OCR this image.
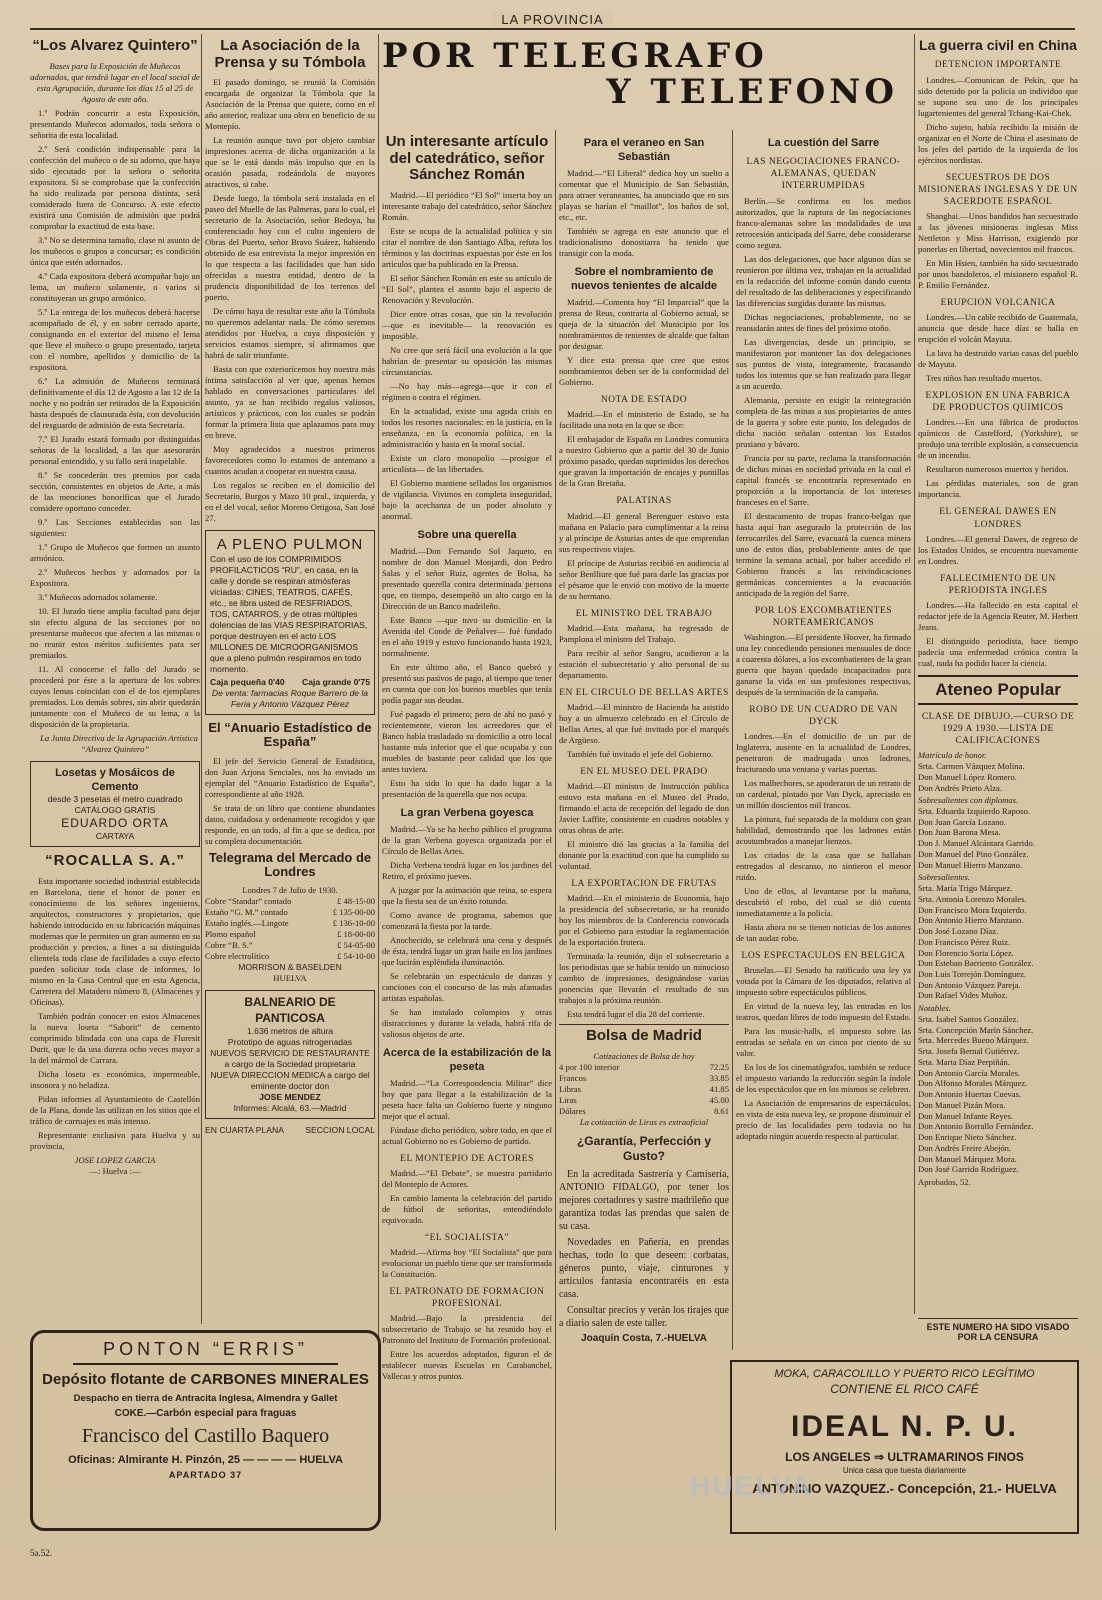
LA PROVINCIA
“Los Alvarez Quintero”

Bases para la Exposición de Muñecos adornados, que tendrá lugar en el local social de esta Agrupación, durante los días 15 al 25 de Agosto de este año.

1.º Podrán concurrir a esta Exposición, presentando Muñecos adornados, toda señora o señorita de esta localidad.

2.º Será condición indispensable para la confección del muñeco o de su adorno, que haya sido ejecutado por la señora o señorita expositora. Si se comprobase que la confección ha sido realizada por persona distinta, será considerado fuera de Concurso. A este efecto existirá una Comisión de admisión que podrá comprobar la exactitud de esta base.

3.º No se determina tamaño, clase ni asunto de los muñecos o grupos a concursar; es condición única que estén adornados.

4.º Cada expositora deberá acompañar bajo un lema, un muñeco solamente, o varios si constituyeran un grupo armónico.

5.º La entrega de los muñecos deberá hacerse acompañado de él, y en sobre cerrado aparte, consignando en el exterior del mismo el lema que lleve el muñeco o grupo presentado, tarjeta con el nombre, apellidos y domicilio de la expositora.

6.º La admisión de Muñecos terminará definitivamente el día 12 de Agosto a las 12 de la noche y no podrán ser retirados de la Exposición hasta después de clausurada ésta, con devolución del resguardo de admisión de esta Secretaría.

7.º El Jurado estará formado por distinguidas señoras de la localidad, a las que asesorarán personal entendido, y su fallo será inapelable.

8.º Se concederán tres premios por cada sección, consistentes en objetos de Arte, a más de las menciones honoríficas que el Jurado considere oportuno conceder.

9.º Las Secciones establecidas son las siguientes:

1.º Grupo de Muñecos que formen un asunto armónico.

2.º Muñecos hechos y adornados por la Expositora.

3.º Muñecos adornados solamente.

10. El Jurado tiene amplia facultad para dejar sin efecto alguna de las secciones por no presentarse muñecos que afecten a las mismas o no reunir estos méritos suficientes para ser premiados.

11. Al conocerse el fallo del Jurado se procederá por éste a la apertura de los sobres cuyos lemas coincidan con el de los ejemplares premiados. Los demás sobres, sin abrir quedarán juntamente con el Muñeco de su lema, a la disposición de la propietaria.

La Junta Directiva de la Agrupación Artística “Alvarez Quintero”

Losetas y Mosáicos de Cemento
desde 3 pesetas el metro cuadrado
CATÁLOGO GRATIS
EDUARDO ORTA
CARTAYA
“ROCALLA S. A.”

Esta importante sociedad industrial establecida en Barcelona, tiene el honor de poner en conocimiento de los señores ingenieros, arquitectos, constructores y propietarios, que habiendo introducido en su fabricación máquinas modernas que le permiten un gran aumento en su producción y precios, a fines a su distinguida clientela toda clase de facilidades a cuyo efecto pueden solicitar toda clase de informes, lo mismo en la Casa Central que en esta Agencia, Carretera del Matadero número 8, (Almacenes y Oficinas).

También podrán conocer en estos Almacenes la nueva loseta “Saborit” de cemento comprimido blindada con una capa de Fluresit Durit, que le da una dureza ocho veces mayor a la del mármol de Carrara.

Dicha loseta es económica, impermeable, insonora y no heladiza.

Pidan informes al Ayuntamiento de Castellón de la Plana, donde las utilizan en los sitios que el tráfico de carruajes es más intenso.

Representante exclusivo para Huelva y su provincia,

JOSE LOPEZ GARCIA
—: Huelva :—
La Asociación de la Prensa y su Tómbola

El pasado domingo, se reunió la Comisión encargada de organizar la Tómbola que la Asociación de la Prensa que quiere, como en el año anterior, realizar una obra en beneficio de su Montepío.

La reunión aunque tuvo por objeto cambiar impresiones acerca de dicha organización a la que se le está dando más impulso que en la ocasión pasada, rodeándola de mayores atractivos, si cabe.

Desde luego, la tómbola será instalada en el paseo del Muelle de las Palmeras, para lo cual, el secretario de la Asociación, señor Bedoya, ha conferenciado hoy con el culto ingeniero de Obras del Puerto, señor Bravo Suárez, habiendo obtenido de esa entrevista la mejor impresión en lo que respecta a las facilidades que han sido ofrecidas a nuestra entidad, dentro de la prudencia disponibilidad de los terrenos del puerto.

De cómo haya de resultar este año la Tómbola no queremos adelantar nada. De cómo seremos atendidos por Huelva, a cuya disposición y servicios estamos siempre, sí afirmamos que habrá de salir triunfante.

Basta con que exteriorícemos hoy nuestra más íntima satisfacción al ver que, apenas hemos hablado en conversaciones particulares del asunto, ya se han recibido regalos valiosos, artísticos y prácticos, con los cuales se podrán formar la primera lista que aplazamos para muy en breve.

Muy agradecidos a nuestros primeros favorecedores como lo estamos de antemano a cuantos acudan a cooperar en nuestra causa.

Los regalos se reciben en el domicilio del Secretario, Burgos y Mazo 10 pral., izquierda, y en el del vocal, señor Moreno Ortigosa, San José 27.

A PLENO PULMON
Con el uso de los COMPRIMIDOS PROFILACTICOS “RU”, en casa, en la calle y donde se respiran atmósferas viciadas: CINES, TEATROS, CAFÉS, etc., se libra usted de RESFRIADOS, TOS, CATARROS, y de otras múltiples dolencias de las VIAS RESPIRATORIAS, porque destruyen en el acto LOS MILLONES DE MICROORGANISMOS que a pleno pulmón respiramos en todo momento.
Caja pequeña 0'40 Caja grande 0'75
De venta: farmacias Roque Barrero de la Feria y Antonio Vázquez Pérez
El “Anuario Estadístico de España”

El jefe del Servicio General de Estadística, don Juan Arjona Senciales, nos ha enviado un ejemplar del “Anuario Estadístico de España”, correspondiente al año 1928.

Se trata de un libro que contiene abundantes datos, cuidadosa y ordenamente recogidos y que responde, en un todo, al fin a que se dedica, por su completa documentación.

Telegrama del Mercado de Londres
Londres 7 de Julio de 1930.
Cobre “Standar” contado	£ 48-15-00
Estaño “G. M.” contado	£ 135-00-00
Estaño inglés.—Lingote	£ 136-10-00
Plomo español	£ 18-00-00
Cobre “B. S.”	£ 54-05-00
Cobre electrolítico	£ 54-10-00
MORRISON & BASELDEN
HUELVA
BALNEARIO DE PANTICOSA
1.636 metros de altura
Prototipo de aguas nitrogenadas
NUEVOS SERVICIO DE RESTAURANTE a cargo de la Sociedad propietaria
NUEVA DIRECCION MEDICA a cargo del eminente doctor don
JOSE MENDEZ
Informes: Alcalá, 63.—Madrid
EN CUARTA PLANA SECCION LOCAL
POR TELEGRAFO
Y TELEFONO
Un interesante artículo del catedrático, señor Sánchez Román

Madrid.—El periódico “El Sol” inserta hoy un interesante trabajo del catedrático, señor Sánchez Román.

Este se ocupa de la actualidad política y sin citar el nombre de don Santiago Alba, refuta los términos y las doctrinas expuestas por éste en los artículos que ha publicado en la Prensa.

El señor Sánchez Román en este su artículo de “El Sol”, plantea el asunto bajo el aspecto de Renovación y Revolución.

Dice entre otras cosas, que sin la revolución —que es inevitable— la renovación es imposible.

No cree que será fácil una evolución a la que habrían de presentar su oposición las mismas circunstancias.

—No hay más—agrega—que ir con el régimen o contra el régimen.

En la actualidad, existe una aguda crisis en todos los resortes nacionales: en la justicia, en la enseñanza, en la economía política, en la administración y hasta en la moral social.

Existe un claro monopolio —prosigue el articulista— de las libertades.

El Gobierno mantiene sellados los organismos de vigilancia. Vivimos en completa inseguridad, bajo la acechanza de un poder absoluto y anormal.

Sobre una querella

Madrid.—Don Fernando Sol Jaqueto, en nombre de don Manuel Monjardi, don Pedro Salas y el señor Ruiz, agentes de Bolsa, ha presentado querella contra determinada persona que, en tiempo, desempeñó un alto cargo en la Dirección de un Banco madrileño.

Este Banco —que tuvo su domicilio en la Avenida del Conde de Peñalver— fué fundado en el año 1919 y estuvo funcionando hasta 1923, normalmente.

En este último año, el Banco quebró y presentó sus pasivos de pago, al tiempo que tener en cuenta que con los buenos muebles que tenía podía pagar sus deudas.

Fué pagado el primero; pero de ahí no pasó y recientemente, vieron los acreedores que el Banco había trasladado su domicilio a otro local bastante más inferior que el que ocupaba y con muebles de bastante peor calidad que los que antes tuviera.

Esto ha sido lo que ha dado lugar a la presentación de la querella que nos ocupa.

La gran Verbena goyesca

Madrid.—Ya se ha hecho público el programa de la gran Verbena goyesca organizada por el Círculo de Bellas Artes.

Dicha Verbena tendrá lugar en los jardines del Retiro, el próximo jueves.

A juzgar por la animación que reina, se espera que la fiesta sea de un éxito rotundo.

Como avance de programa, sabemos que comenzará la fiesta por la tarde.

Anochecido, se celebrará una cena y después de ésta, tendrá lugar un gran baile en los jardines que lucirán espléndida iluminación.

Se celebrarán un espectáculo de danzas y canciones con el concurso de las más afamadas artistas españolas.

Se han instalado columpios y otras distracciones y durante la velada, habrá rifa de valiosos objetos de arte.

Acerca de la estabilización de la peseta

Madrid.—“La Correspondencia Militar” dice hoy que para llegar a la estabilización de la peseta hace falta un Gobierno fuerte y ninguno mejor que el actual.

Fúndase dicho periódico, sobre todo, en que el actual Gobierno no es Gobierno de partido.

EL MONTEPIO DE ACTORES

Madrid.—“El Debate”, se muestra partidario del Montepío de Actores.

En cambio lamenta la celebración del partido de fútbol de señoritas, entendiéndolo equivocado.

“EL SOCIALISTA”

Madrid.—Afirma hoy “El Socialista” que para evolucionar un pueblo tiene que ser transformada la Constitución.

EL PATRONATO DE FORMACION PROFESIONAL

Madrid.—Bajo la presidencia del subsecretario de Trabajo se ha reunido hoy el Patronato del Instituto de Formación profesional.

Entre los acuerdos adoptados, figuran el de establecer nuevas Escuelas en Carabanchel, Vallecas y otros puntos.

Para el veraneo en San Sebastián

Madrid.—“El Liberal” dedica hoy un suelto a comentar que el Municipio de San Sebastián, para atraer veraneantes, ha anunciado que en sus playas se harían el “maillot”, los baños de sol, etc., etc.

También se agrega en este anuncio que el tradicionalismo donostiarra ha tenido que transigir con la moda.

Sobre el nombramiento de nuevos tenientes de alcalde

Madrid.—Comenta hoy “El Imparcial” que la prensa de Reus, contraria al Gobierno actual, se queja de la situación del Municipio por los nombramientos de tenientes de alcalde que faltan por designar.

Y dice esta prensa que cree que estos nombramientos deben ser de la conformidad del Gobierno.

NOTA DE ESTADO

Madrid.—En el ministerio de Estado, se ha facilitado una nota en la que se dice:

El embajador de España en Londres comunica a nuestro Gobierno que a partir del 30 de Junio próximo pasado, quedan suprimidos los derechos que gravan la importación de encajes y puntillas de la Gran Bretaña.

PALATINAS

Madrid.—El general Berenguer estuvo esta mañana en Palacio para cumplimentar a la reina y al príncipe de Asturias antes de que emprendan sus respectivos viajes.

El príncipe de Asturias recibió en audiencia al señor Benlliure que fué para darle las gracias por el pésame que le envió con motivo de la muerte de su hermano.

EL MINISTRO DEL TRABAJO

Madrid.—Esta mañana, ha regresado de Pamplona el ministro del Trabajo.

Para recibir al señor Sangro, acudieron a la estación el subsecretario y alto personal de su departamento.

EN EL CIRCULO DE BELLAS ARTES

Madrid.—El ministro de Hacienda ha asistido hoy a un almuerzo celebrado en el Círculo de Bellas Artes, al que fué invitado por el marqués de Argüeso.

También fué invitado el jefe del Gobierno.

EN EL MUSEO DEL PRADO

Madrid.—El ministro de Instrucción pública estuvo esta mañana en el Museo del Prado, firmando el acta de recepción del legado de don Javier Laffite, consistente en cuadros notables y otras obras de arte.

El ministro dió las gracias a la familia del donante por la exactitud con que ha cumplido su voluntad.

LA EXPORTACION DE FRUTAS

Madrid.—En el ministerio de Economía, bajo la presidencia del subsecretario, se ha reunido hoy los miembros de la Conferencia convocada por el Gobierno para estudiar la reglamentación de la exportación frutera.

Terminada la reunión, dijo el subsecretario a los periodistas que se había tenido un minucioso cambio de impresiones, designándose varias ponencias que llevarán el resultado de sus trabajos a la próxima reunión.

Esta tendrá lugar el día 28 del corriente.

Bolsa de Madrid
Cotizaciones de Bolsa de hoy
4 por 100 interior	72.25
Francos	33.85
Libras	41.85
Liras	45.00
Dólares	8.61
La cotización de Liras es extraoficial
¿Garantía, Perfección y Gusto?

En la acreditada Sastrería y Camisería, ANTONIO FIDALGO, por tener los mejores cortadores y sastre madrileño que garantiza todas las prendas que salen de su casa.

Novedades en Pañería, en prendas hechas, todo lo que deseen: corbatas, géneros punto, viaje, cinturones y artículos fantasía encontraréis en esta casa.

Consultar precios y verán los tirajes que a diario salen de este taller.

Joaquín Costa, 7.-HUELVA
La cuestión del Sarre
LAS NEGOCIACIONES FRANCO-ALEMANAS, QUEDAN INTERRUMPIDAS

Berlín.—Se confirma en los medios autorizados, que la ruptura de las negociaciones franco-alemanas sobre las modalidades de una retrocesión anticipada del Sarre, debe considerarse como segura.

Las dos delegaciones, que hace algunos días se reunieron por última vez, trabajan en la actualidad en la redacción del informe común dando cuenta del resultado de las deliberaciones y especificando las diferencias surgidas durante las mismas.

Dichas negociaciones, probablemente, no se reanudarán antes de fines del próximo otoño.

Las divergencias, desde un principio, se manifestaron por mantener las dos delegaciones sus puntos de vista, íntegramente, fracasando todos los intentos que se han realizado para llegar a un acuerdo.

Alemania, persiste en exigir la reintegración completa de las minas a sus propietarios de antes de la guerra y sobre este punto, los delegados de dicha nación señalan ostentan los Estados prusiano y bávaro.

Francia por su parte, reclama la transformación de dichas minas en sociedad privada en la cual el capital francés se encontraría representado en proporción a la importancia de los intereses franceses en el Sarre.

El destacamento de tropas franco-belgas que hasta aquí han asegurado la protección de los ferrocarriles del Sarre, evacuará la cuenca minera uno de estos días, probablemente antes de que termine la semana actual, por haber accedido el Gobierno francés a las reivindicaciones germánicas concernientes a la evacuación anticipada de la región del Sarre.

POR LOS EXCOMBATIENTES NORTEAMERICANOS

Washington.—El presidente Hoover, ha firmado una ley concediendo pensiones mensuales de doce a cuarenta dólares, a los excombatientes de la gran guerra que hayan quedado incapacitados para ganarse la vida en sus profesiones respectivas, después de la terminación de la campaña.

ROBO DE UN CUADRO DE VAN DYCK

Londres.—En el domicilio de un par de Inglaterra, ausente en la actualidad de Londres, penetraron de madrugada unos ladrones, fracturando una ventana y varias puertas.

Los malhechores, se apoderaron de un retrato de un cardenal, pintado por Van Dyck, apreciado en un millón doscientos mil francos.

La pintura, fué separada de la moldura con gran habilidad, demostrando que los ladrones están acostumbrados a manejar lienzos.

Los criados de la casa que se hallaban entregados al descanso, no sintieron el menor ruido.

Uno de ellos, al levantarse por la mañana, descubrió el robo, del cual se dió cuenta inmediatamente a la policía.

Hasta ahora no se tienen noticias de los autores de tan audaz robo.

LOS ESPECTACULOS EN BELGICA

Bruselas.—El Senado ha ratificado una ley ya votada por la Cámara de los diputados, relativa al impuesto sobre espectáculos públicos.

En virtud de la nueva ley, las entradas en los teatros, quedan libres de todo impuesto del Estado.

Para los music-halls, el impuesto sobre las entradas se señala en un cinco por ciento de su valor.

En los de los cinematógrafos, también se reduce el impuesto variando la reducción según la índole de los espectáculos que en los mismos se celebren.

La Asociación de empresarios de espectáculos, en vista de esta nueva ley, se propone disminuir el precio de las localidades pero todavía no ha adoptado ningún acuerdo respecto al particular.

La guerra civil en China
DETENCION IMPORTANTE

Londres.—Comunican de Pekín, que ha sido detenido por la policía un individuo que se supone sea uno de los principales lugartenientes del general Tchang-Kai-Chek.

Dicho sujeto, había recibido la misión de organizar en el Norte de China el asesinato de los jefes del partido de la izquierda de los ejércitos nordistas.

SECUESTROS DE DOS MISIONERAS INGLESAS Y DE UN SACERDOTE ESPAÑOL

Shanghai.—Unos bandidos han secuestrado a las jóvenes misioneras inglesas Miss Nettleton y Miss Harrison, exigiendo por ponerlas en libertad, novecientos mil francos.

En Min Hsien, también ha sido secuestrado por unos bandoleros, el misionero español R. P. Emilio Fernández.

ERUPCION VOLCANICA

Londres.—Un cable recibido de Guatemala, anuncia que desde hace días se halla en erupción el volcán Mayuta.

La lava ha destruido varias casas del pueblo de Mayuta.

Tres niños han resultado muertos.

EXPLOSION EN UNA FABRICA DE PRODUCTOS QUIMICOS

Londres.—En una fábrica de productos químicos de Castelford, (Yorkshire), se produjo una terrible explosión, a consecuencia de un incendio.

Resultaron numerosos muertos y heridos.

Las pérdidas materiales, son de gran importancia.

EL GENERAL DAWES EN LONDRES

Londres.—El general Dawes, de regreso de los Estados Unidos, se encuentra nuevamente en Londres.

FALLECIMIENTO DE UN PERIODISTA INGLES

Londres.—Ha fallecido en esta capital el redactor jefe de la Agencia Reuter, M. Herbert Jeans.

El distinguido periodista, hace tiempo padecía una enfermedad crónica contra la cual, nada ha podido hacer la ciencia.

Ateneo Popular
CLASE DE DIBUJO.—CURSO DE 1929 A 1930.—LISTA DE CALIFICACIONES
Matrícula de honor.
Srta. Carmen Vázquez Molina.
Don Manuel López Romero.
Don Andrés Prieto Alza.
Sobresalientes con diplomas.
Srta. Eduarda Izquierdo Raposo.
Don Juan García Lozano.
Don Juan Barona Mesa.
Don J. Manuel Alcántara Garrido.
Don Manuel del Pino González.
Don Manuel Hierro Manzano.
Sobresalientes.
Srta. María Trigo Márquez.
Srta. Antonia Lorenzo Morales.
Don Francisco Mora Izquierdo.
Don Antonio Hierro Manzano.
Don José Lozano Díaz.
Don Francisco Pérez Ruiz.
Don Florencio Soria López.
Don Esteban Barriento González.
Don Luis Torrejón Domínguez.
Don Antonio Vázquez Pareja.
Don Rafael Vides Muñoz.
Notables.
Srta. Isabel Santos González.
Srta. Concepción Marín Sánchez.
Srta. Mercedes Bueno Márquez.
Srta. Josefa Bernal Gutiérrez.
Srta. Marta Díaz Perpiñán.
Don Antonio García Morales.
Don Alfonso Morales Márquez.
Don Antonio Huertas Cuevas.
Don Manuel Pizán Mora.
Don Manuel Infante Reyes.
Don Antonio Borrallo Fernández.
Don Enrique Nieto Sánchez.
Don Andrés Freire Abejón.
Don Manuel Márquez Mora.
Don José Garrido Rodríguez.
Aprobados, 52.
ESTE NUMERO HA SIDO VISADO POR LA CENSURA
PONTON “ERRIS”
Depósito flotante de CARBONES MINERALES
Despacho en tierra de Antracita Inglesa, Almendra y Gallet
COKE.—Carbón especial para fraguas
Francisco del Castillo Baquero
Oficinas: Almirante H. Pinzón, 25 — — — — HUELVA
APARTADO 37
MOKA, CARACOLILLO Y PUERTO RICO LEGÍTIMO
CONTIENE EL RICO CAFÉ
IDEAL N. P. U.
LOS ANGELES ⇒ ULTRAMARINOS FINOS
Unica casa que tuesta diariamente
ANTONINO VAZQUEZ.- Concepción, 21.- HUELVA
HUELVA
5a.52.
